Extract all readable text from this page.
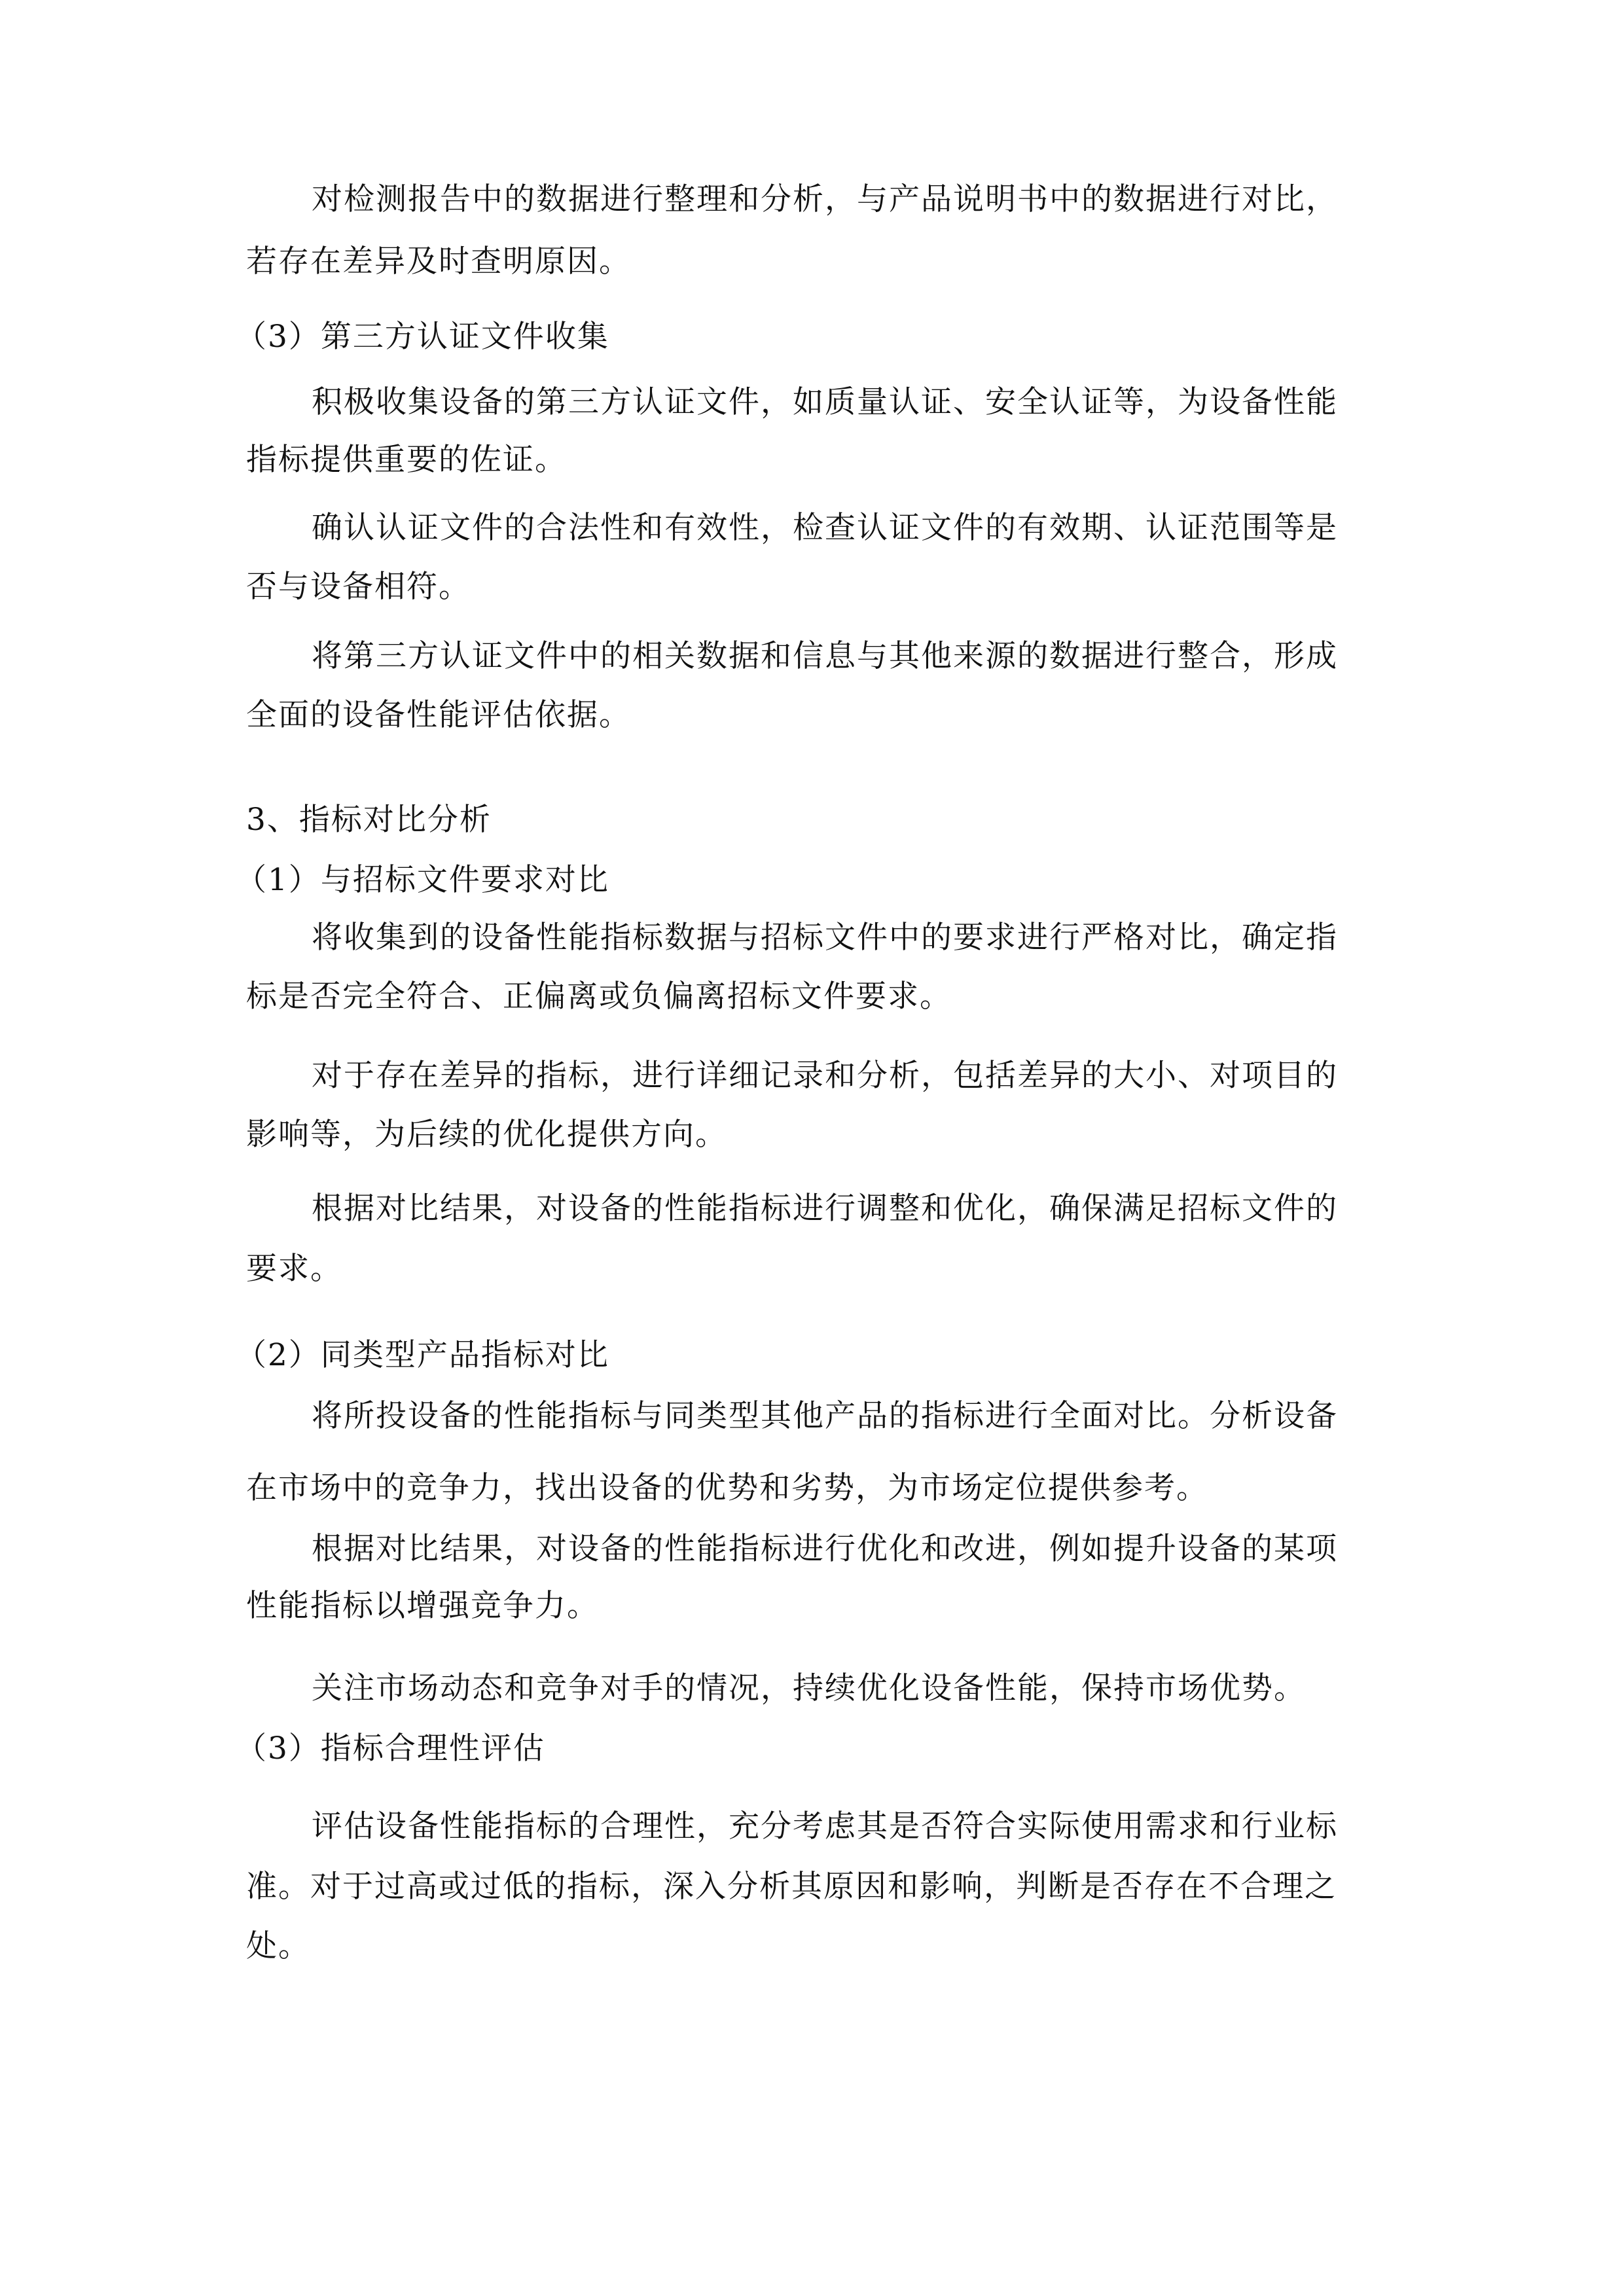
对检测报告中的数据进行整理和分析，与产品说明书中的数据进行对比，
若存在差异及时查明原因。
（3）第三方认证文件收集
积极收集设备的第三方认证文件，如质量认证、安全认证等，为设备性能
指标提供重要的佐证。
确认认证文件的合法性和有效性，检查认证文件的有效期、认证范围等是
否与设备相符。
将第三方认证文件中的相关数据和信息与其他来源的数据进行整合，形成
全面的设备性能评估依据。
3、指标对比分析
（1）与招标文件要求对比
将收集到的设备性能指标数据与招标文件中的要求进行严格对比，确定指
标是否完全符合、正偏离或负偏离招标文件要求。
对于存在差异的指标，进行详细记录和分析，包括差异的大小、对项目的
影响等，为后续的优化提供方向。
根据对比结果，对设备的性能指标进行调整和优化，确保满足招标文件的
要求。
（2）同类型产品指标对比
将所投设备的性能指标与同类型其他产品的指标进行全面对比。分析设备
在市场中的竞争力，找出设备的优势和劣势，为市场定位提供参考。
根据对比结果，对设备的性能指标进行优化和改进，例如提升设备的某项
性能指标以增强竞争力。
关注市场动态和竞争对手的情况，持续优化设备性能，保持市场优势。
（3）指标合理性评估
评估设备性能指标的合理性，充分考虑其是否符合实际使用需求和行业标
准。对于过高或过低的指标，深入分析其原因和影响，判断是否存在不合理之
处。
